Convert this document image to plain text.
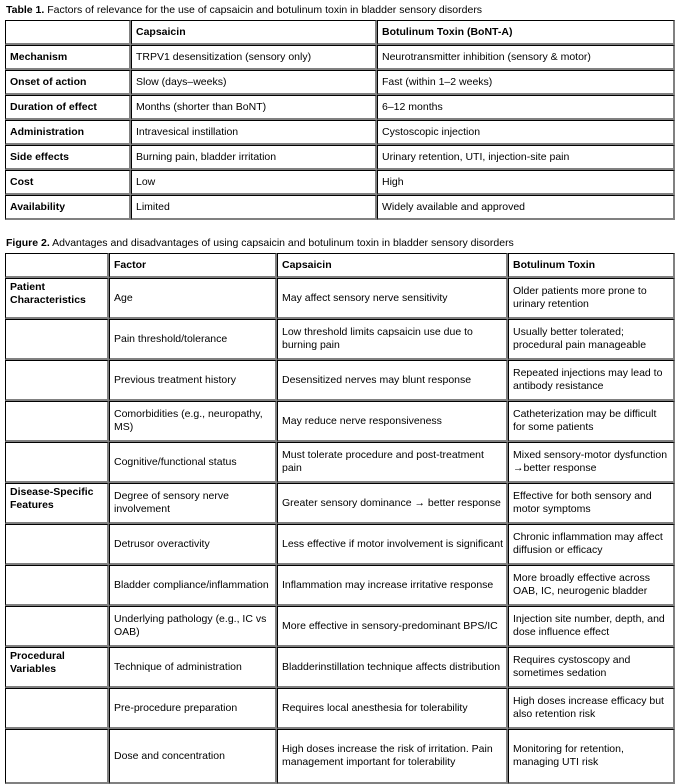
Table 1. Factors of relevance for the use of capsaicin and botulinum toxin in bladder sensory disorders
	Capsaicin	Botulinum Toxin (BoNT-A)
Mechanism	TRPV1 desensitization (sensory only)	Neurotransmitter inhibition (sensory & motor)
Onset of action	Slow (days–weeks)	Fast (within 1–2 weeks)
Duration of effect	Months (shorter than BoNT)	6–12 months
Administration	Intravesical instillation	Cystoscopic injection
Side effects	Burning pain, bladder irritation	Urinary retention, UTI, injection-site pain
Cost	Low	High
Availability	Limited	Widely available and approved
Figure 2. Advantages and disadvantages of using capsaicin and botulinum toxin in bladder sensory disorders
	Factor	Capsaicin	Botulinum Toxin
Patient Characteristics	Age	May affect sensory nerve sensitivity	Older patients more prone to urinary retention
	Pain threshold/tolerance	Low threshold limits capsaicin use due to burning pain	Usually better tolerated; procedural pain manageable
	Previous treatment history	Desensitized nerves may blunt response	Repeated injections may lead to antibody resistance
	Comorbidities (e.g., neuropathy, MS)	May reduce nerve responsiveness	Catheterization may be difficult for some patients
	Cognitive/functional status	Must tolerate procedure and post-treatment pain	Mixed sensory-motor dysfunction →better response
Disease-Specific Features	Degree of sensory nerve involvement	Greater sensory dominance → better response	Effective for both sensory and motor symptoms
	Detrusor overactivity	Less effective if motor involvement is significant	Chronic inflammation may affect diffusion or efficacy
	Bladder compliance/inflammation	Inflammation may increase irritative response	More broadly effective across OAB, IC, neurogenic bladder
	Underlying pathology (e.g., IC vs OAB)	More effective in sensory-predominant BPS/IC	Injection site number, depth, and dose influence effect
Procedural Variables	Technique of administration	Bladderinstillation technique affects distribution	Requires cystoscopy and sometimes sedation
	Pre-procedure preparation	Requires local anesthesia for tolerability	High doses increase efficacy but also retention risk
	Dose and concentration	High doses increase the risk of irritation. Pain management important for tolerability	Monitoring for retention, managing UTI risk
